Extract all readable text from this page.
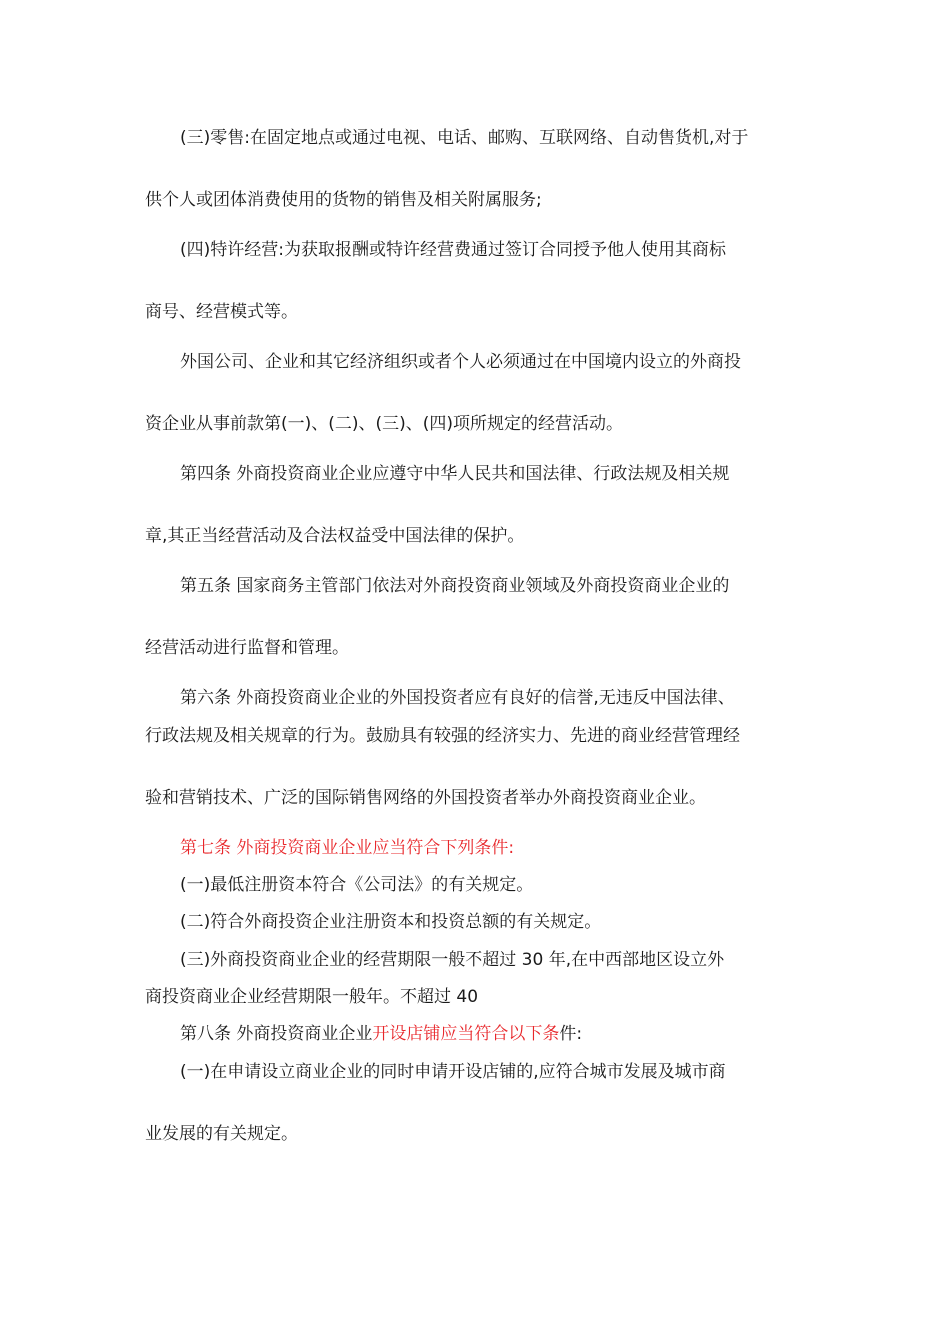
(三)零售:在固定地点或通过电视、电话、邮购、互联网络、自动售货机,对于
供个人或团体消费使用的货物的销售及相关附属服务;
(四)特许经营:为获取报酬或特许经营费通过签订合同授予他人使用其商标
商号、经营模式等。
外国公司、企业和其它经济组织或者个人必须通过在中国境内设立的外商投
资企业从事前款第(一)、(二)、(三)、(四)项所规定的经营活动。
第四条 外商投资商业企业应遵守中华人民共和国法律、行政法规及相关规
章,其正当经营活动及合法权益受中国法律的保护。
第五条 国家商务主管部门依法对外商投资商业领域及外商投资商业企业的
经营活动进行监督和管理。
第六条 外商投资商业企业的外国投资者应有良好的信誉,无违反中国法律、
行政法规及相关规章的行为。鼓励具有较强的经济实力、先进的商业经营管理经
验和营销技术、广泛的国际销售网络的外国投资者举办外商投资商业企业。
第七条 外商投资商业企业应当符合下列条件:
(一)最低注册资本符合《公司法》的有关规定。
(二)符合外商投资企业注册资本和投资总额的有关规定。
(三)外商投资商业企业的经营期限一般不超过 30 年,在中西部地区设立外
商投资商业企业经营期限一般年。不超过 40
第八条 外商投资商业企业开设店铺应当符合以下条件:
(一)在申请设立商业企业的同时申请开设店铺的,应符合城市发展及城市商
业发展的有关规定。
